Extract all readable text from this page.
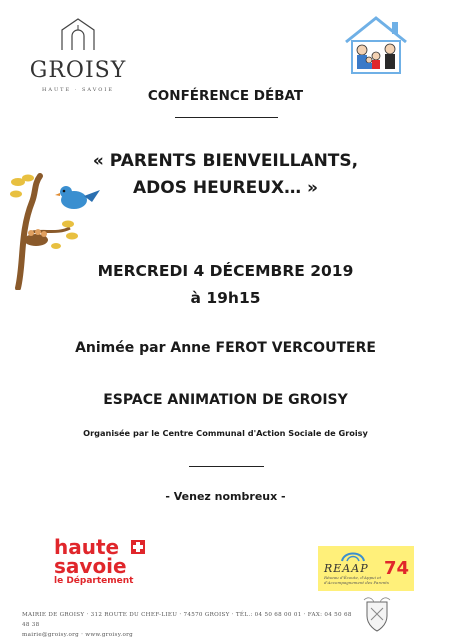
GROISY
HAUTE · SAVOIE	CONFÉRENCE DÉBAT
« PARENTS BIENVEILLANTS,
ADOS HEUREUX… »
MERCREDI 4 DÉCEMBRE 2019
à 19h15
Animée par Anne FEROT VERCOUTERE
ESPACE ANIMATION DE GROISY
Organisée par le Centre Communal d'Action Sociale de Groisy
- Venez nombreux -
haute
savoie
le Département
REAAP 74
Réseau d'Écoute, d'Appui et d'Accompagnement des Parents
MAIRIE DE GROISY · 312 ROUTE DU CHEF-LIEU · 74570 GROISY · TÉL.: 04 50 68 00 01 · FAX: 04 50 68 48 38
mairie@groisy.org · www.groisy.org
